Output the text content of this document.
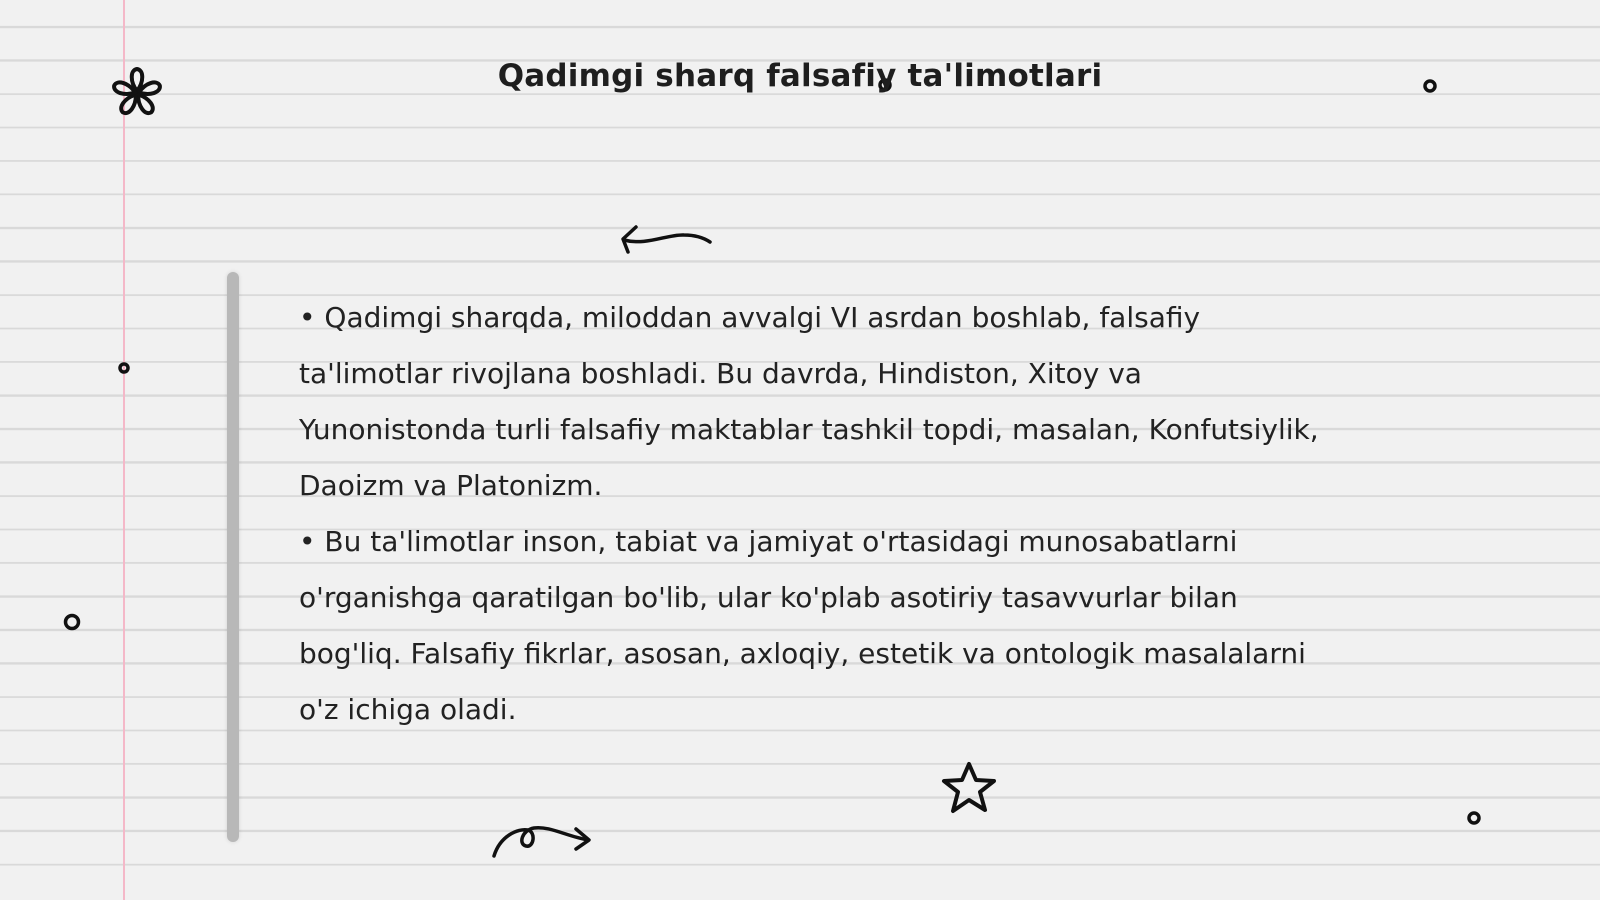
Qadimgi sharq falsafiy ta'limotlari

• Qadimgi sharqda, miloddan avvalgi VI asrdan boshlab, falsafiy ta'limotlar rivojlana boshladi. Bu davrda, Hindiston, Xitoy va Yunonistonda turli falsafiy maktablar tashkil topdi, masalan, Konfutsiylik, Daoizm va Platonizm.

• Bu ta'limotlar inson, tabiat va jamiyat o'rtasidagi munosabatlarni o'rganishga qaratilgan bo'lib, ular ko'plab asotiriy tasavvurlar bilan bog'liq. Falsafiy fikrlar, asosan, axloqiy, estetik va ontologik masalalarni o'z ichiga oladi.
